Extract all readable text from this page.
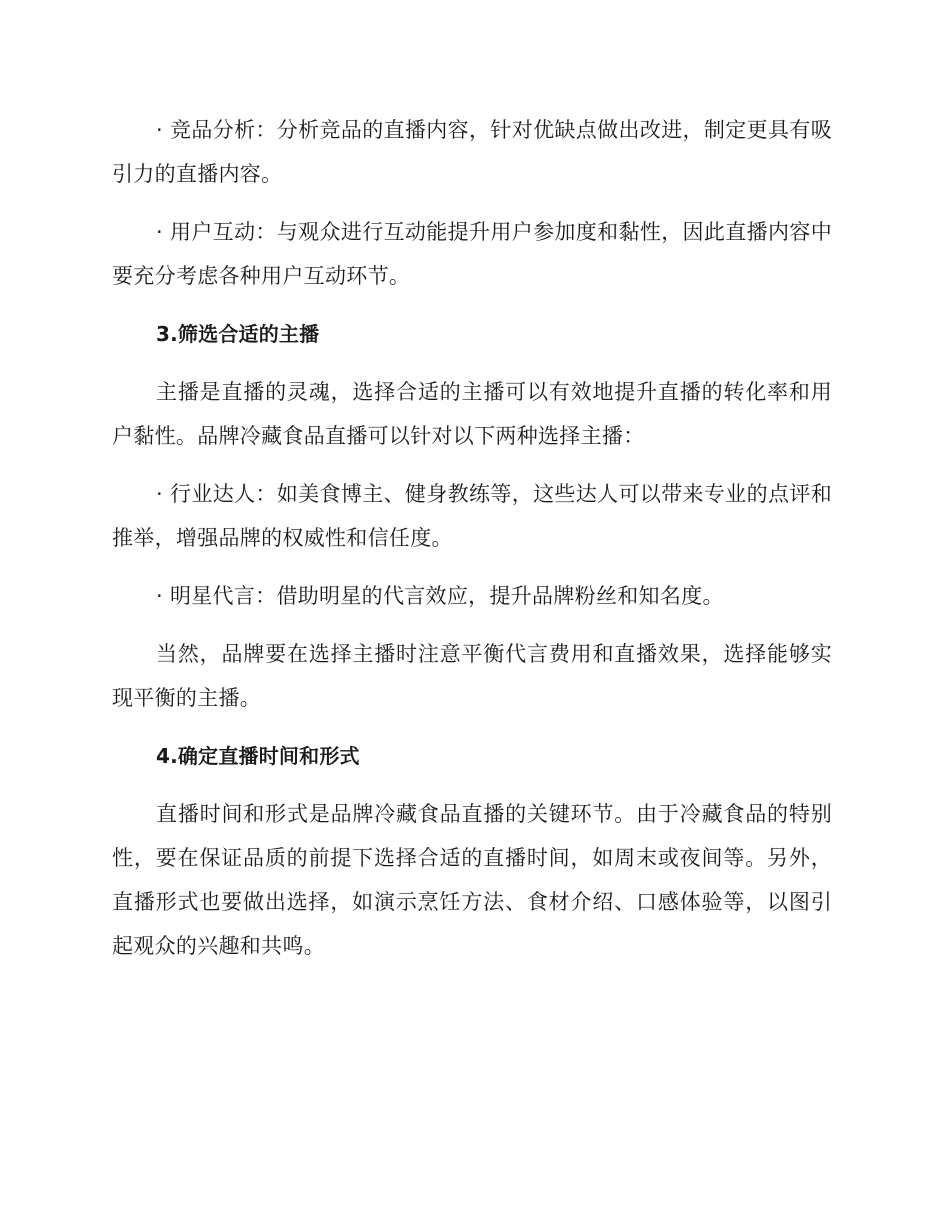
· 竞品分析：分析竞品的直播内容，针对优缺点做出改进，制定更具有吸引力的直播内容。

· 用户互动：与观众进行互动能提升用户参加度和黏性，因此直播内容中要充分考虑各种用户互动环节。

3.筛选合适的主播

主播是直播的灵魂，选择合适的主播可以有效地提升直播的转化率和用户黏性。品牌冷藏食品直播可以针对以下两种选择主播：

· 行业达人：如美食博主、健身教练等，这些达人可以带来专业的点评和推举，增强品牌的权威性和信任度。

· 明星代言：借助明星的代言效应，提升品牌粉丝和知名度。

当然，品牌要在选择主播时注意平衡代言费用和直播效果，选择能够实现平衡的主播。

4.确定直播时间和形式

直播时间和形式是品牌冷藏食品直播的关键环节。由于冷藏食品的特别性，要在保证品质的前提下选择合适的直播时间，如周末或夜间等。另外，直播形式也要做出选择，如演示烹饪方法、食材介绍、口感体验等，以图引起观众的兴趣和共鸣。
